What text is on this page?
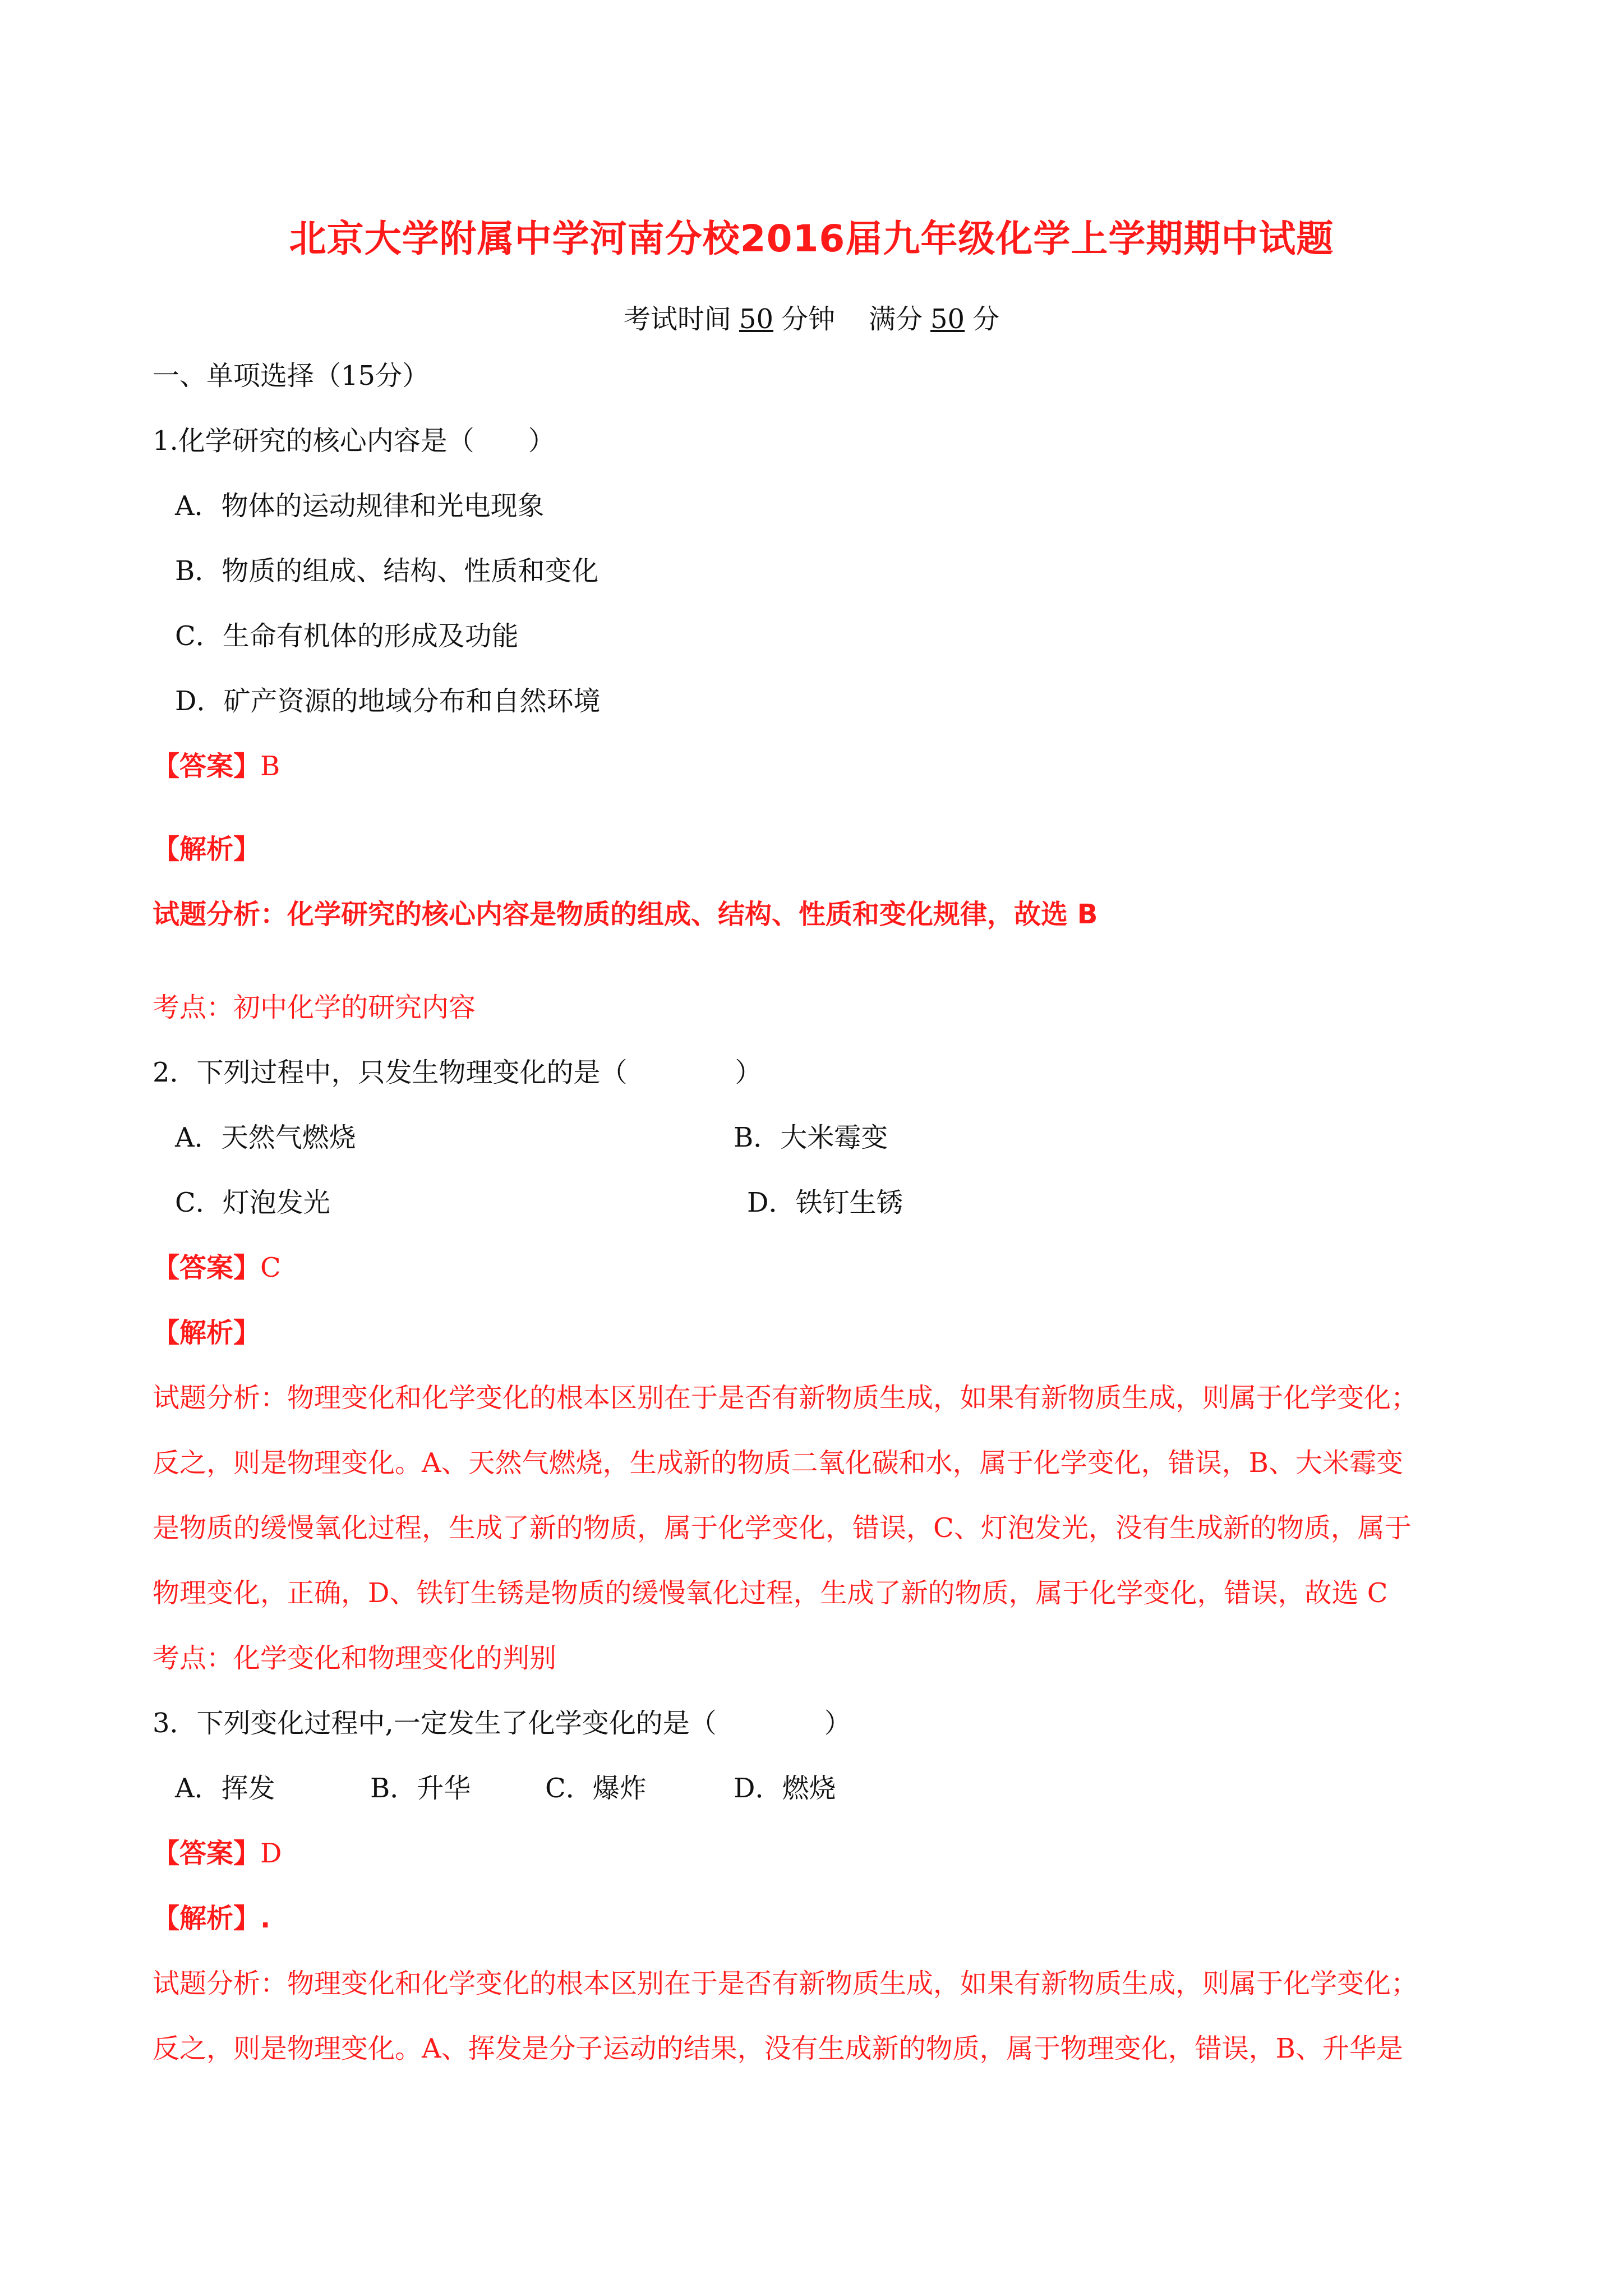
北京大学附属中学河南分校2016届九年级化学上学期期中试题
考试时间 50 分钟 满分 50 分
一、单项选择（15分）
1.化学研究的核心内容是（　　）
A．物体的运动规律和光电现象
B．物质的组成、结构、性质和变化
C．生命有机体的形成及功能
D．矿产资源的地域分布和自然环境
【答案】B
【解析】
试题分析：化学研究的核心内容是物质的组成、结构、性质和变化规律，故选 B
考点：初中化学的研究内容
2．下列过程中，只发生物理变化的是（　　　　）
A．天然气燃烧	B．大米霉变
C．灯泡发光	D．铁钉生锈
【答案】C
【解析】
试题分析：物理变化和化学变化的根本区别在于是否有新物质生成，如果有新物质生成，则属于化学变化；
反之，则是物理变化。A、天然气燃烧，生成新的物质二氧化碳和水，属于化学变化，错误，B、大米霉变
是物质的缓慢氧化过程，生成了新的物质，属于化学变化，错误，C、灯泡发光，没有生成新的物质，属于
物理变化，正确，D、铁钉生锈是物质的缓慢氧化过程，生成了新的物质，属于化学变化，错误，故选 C
考点：化学变化和物理变化的判别
3．下列变化过程中,一定发生了化学变化的是（　　　　）
A．挥发	B．升华	C．爆炸	D．燃烧
【答案】D
【解析】.
试题分析：物理变化和化学变化的根本区别在于是否有新物质生成，如果有新物质生成，则属于化学变化；
反之，则是物理变化。A、挥发是分子运动的结果，没有生成新的物质，属于物理变化，错误，B、升华是
